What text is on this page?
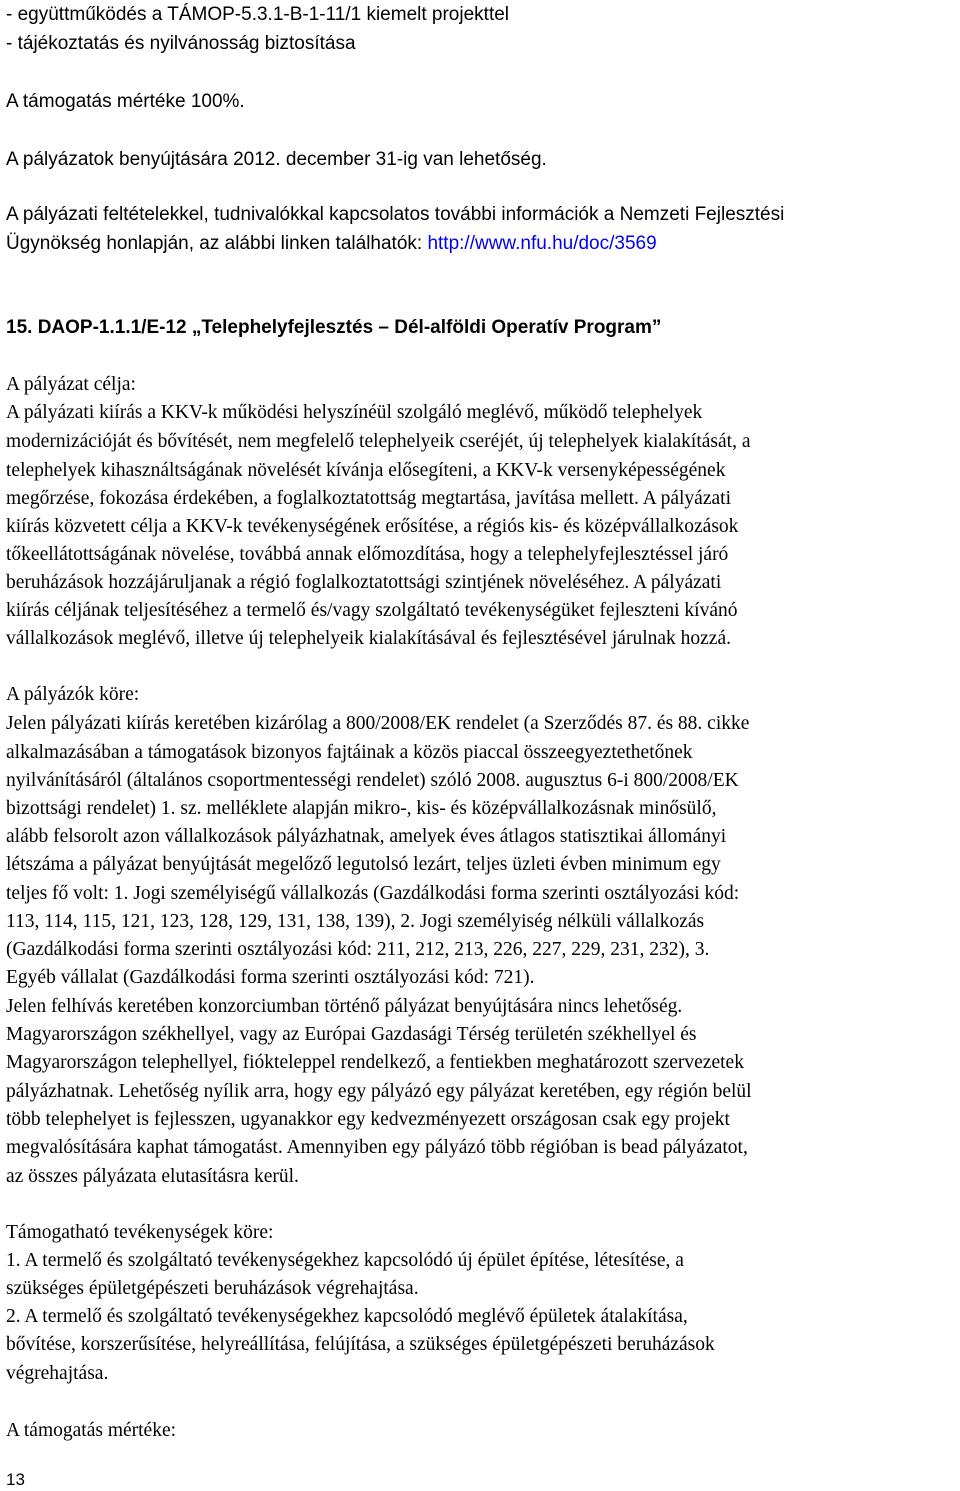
- együttműködés a TÁMOP-5.3.1-B-1-11/1 kiemelt projekttel
- tájékoztatás és nyilvánosság biztosítása
A támogatás mértéke 100%.
A pályázatok benyújtására 2012. december 31-ig van lehetőség.
A pályázati feltételekkel, tudnivalókkal kapcsolatos további információk a Nemzeti Fejlesztési
Ügynökség honlapján, az alábbi linken találhatók: http://www.nfu.hu/doc/3569
15. DAOP-1.1.1/E-12 „Telephelyfejlesztés – Dél-alföldi Operatív Program”
A pályázat célja:
A pályázati kiírás a KKV-k működési helyszínéül szolgáló meglévő, működő telephelyek
modernizációját és bővítését, nem megfelelő telephelyeik cseréjét, új telephelyek kialakítását, a
telephelyek kihasználtságának növelését kívánja elősegíteni, a KKV-k versenyképességének
megőrzése, fokozása érdekében, a foglalkoztatottság megtartása, javítása mellett. A pályázati
kiírás közvetett célja a KKV-k tevékenységének erősítése, a régiós kis- és középvállalkozások
tőkeellátottságának növelése, továbbá annak előmozdítása, hogy a telephelyfejlesztéssel járó
beruházások hozzájáruljanak a régió foglalkoztatottsági szintjének növeléséhez. A pályázati
kiírás céljának teljesítéséhez a termelő és/vagy szolgáltató tevékenységüket fejleszteni kívánó
vállalkozások meglévő, illetve új telephelyeik kialakításával és fejlesztésével járulnak hozzá.
A pályázók köre:
Jelen pályázati kiírás keretében kizárólag a 800/2008/EK rendelet (a Szerződés 87. és 88. cikke
alkalmazásában a támogatások bizonyos fajtáinak a közös piaccal összeegyeztethetőnek
nyilvánításáról (általános csoportmentességi rendelet) szóló 2008. augusztus 6-i 800/2008/EK
bizottsági rendelet) 1. sz. melléklete alapján mikro-, kis- és középvállalkozásnak minősülő,
alább felsorolt azon vállalkozások pályázhatnak, amelyek éves átlagos statisztikai állományi
létszáma a pályázat benyújtását megelőző legutolsó lezárt, teljes üzleti évben minimum egy
teljes fő volt: 1. Jogi személyiségű vállalkozás (Gazdálkodási forma szerinti osztályozási kód:
113, 114, 115, 121, 123, 128, 129, 131, 138, 139), 2. Jogi személyiség nélküli vállalkozás
(Gazdálkodási forma szerinti osztályozási kód: 211, 212, 213, 226, 227, 229, 231, 232), 3.
Egyéb vállalat (Gazdálkodási forma szerinti osztályozási kód: 721).
Jelen felhívás keretében konzorciumban történő pályázat benyújtására nincs lehetőség.
Magyarországon székhellyel, vagy az Európai Gazdasági Térség területén székhellyel és
Magyarországon telephellyel, fiókteleppel rendelkező, a fentiekben meghatározott szervezetek
pályázhatnak. Lehetőség nyílik arra, hogy egy pályázó egy pályázat keretében, egy régión belül
több telephelyet is fejlesszen, ugyanakkor egy kedvezményezett országosan csak egy projekt
megvalósítására kaphat támogatást. Amennyiben egy pályázó több régióban is bead pályázatot,
az összes pályázata elutasításra kerül.
Támogatható tevékenységek köre:
1. A termelő és szolgáltató tevékenységekhez kapcsolódó új épület építése, létesítése, a
szükséges épületgépészeti beruházások végrehajtása.
2. A termelő és szolgáltató tevékenységekhez kapcsolódó meglévő épületek átalakítása,
bővítése, korszerűsítése, helyreállítása, felújítása, a szükséges épületgépészeti beruházások
végrehajtása.
A támogatás mértéke:
13
